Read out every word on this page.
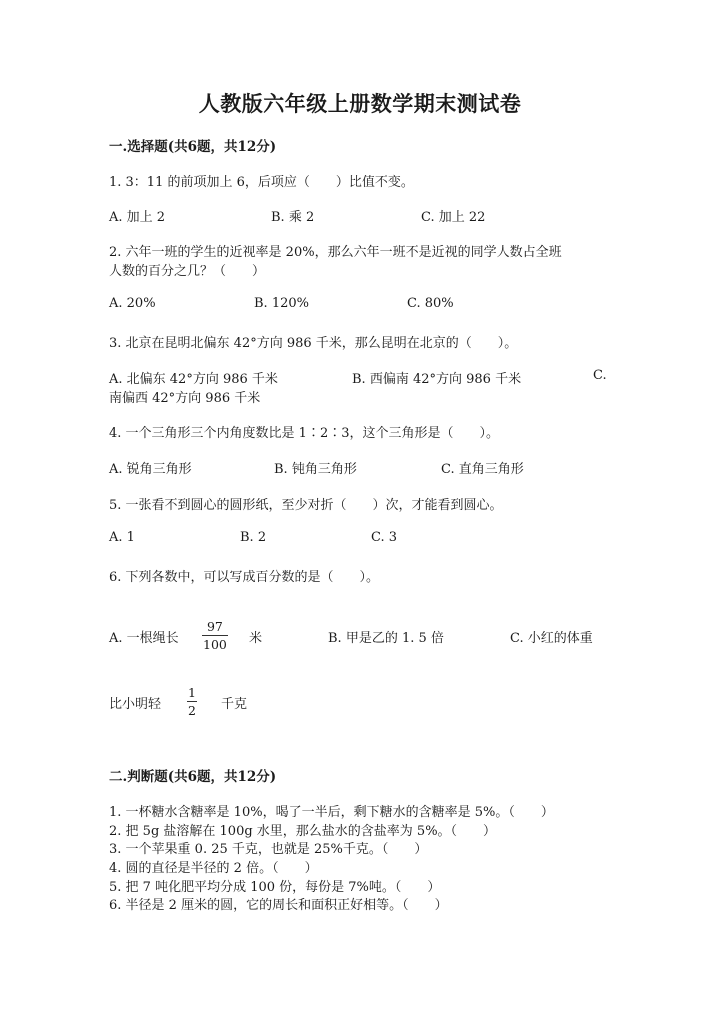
人教版六年级上册数学期末测试卷
一.选择题(共6题，共12分)
1. 3：11 的前项加上 6，后项应（　　）比值不变。
A. 加上 2	B. 乘 2	C. 加上 22
2. 六年一班的学生的近视率是 20%，那么六年一班不是近视的同学人数占全班
人数的百分之几？（　　）
A. 20%	B. 120%	C. 80%
3. 北京在昆明北偏东 42°方向 986 千米，那么昆明在北京的（　　）。
A. 北偏东 42°方向 986 千米	B. 西偏南 42°方向 986 千米	C.
南偏西 42°方向 986 千米
4. 一个三角形三个内角度数比是 1∶2∶3，这个三角形是（　　）。
A. 锐角三角形	B. 钝角三角形	C. 直角三角形
5. 一张看不到圆心的圆形纸，至少对折（　　）次，才能看到圆心。
A. 1	B. 2	C. 3
6. 下列各数中，可以写成百分数的是（　　）。
A. 一根绳长
97
100 米	B. 甲是乙的 1. 5 倍	C. 小红的体重
比小明轻
1
2 千克
二.判断题(共6题，共12分)
1. 一杯糖水含糖率是 10%，喝了一半后，剩下糖水的含糖率是 5%。（　　）
2. 把 5g 盐溶解在 100g 水里，那么盐水的含盐率为 5%。（　　）
3. 一个苹果重 0. 25 千克，也就是 25%千克。（　　）
4. 圆的直径是半径的 2 倍。（　　）
5. 把 7 吨化肥平均分成 100 份，每份是 7%吨。（　　）
6. 半径是 2 厘米的圆，它的周长和面积正好相等。（　　）
